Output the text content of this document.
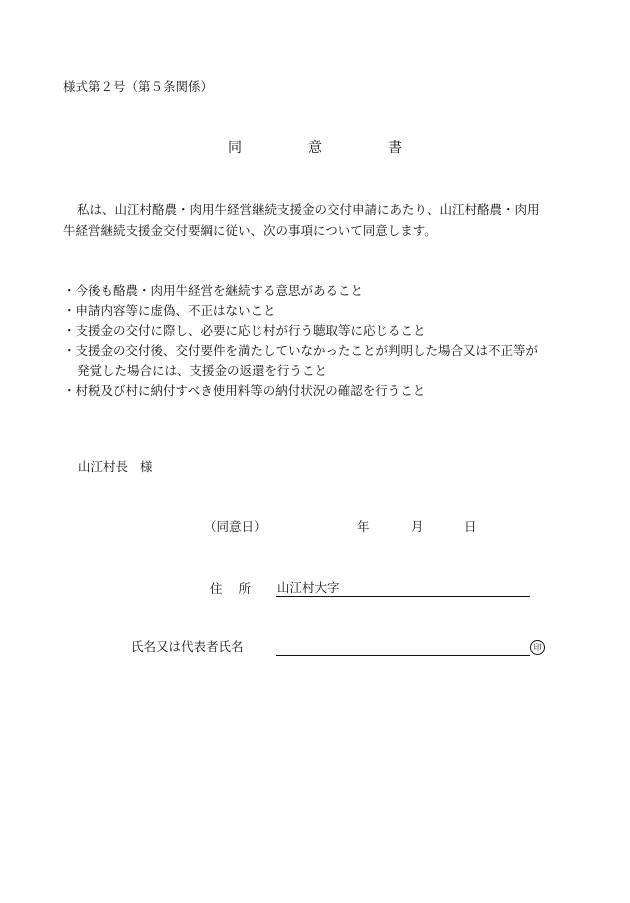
様式第２号（第５条関係）
同　意　書
私は、山江村酪農・肉用牛経営継続支援金の交付申請にあたり、山江村酪農・肉用
牛経営継続支援金交付要綱に従い、次の事項について同意します。
・今後も酪農・肉用牛経営を継続する意思があること
・申請内容等に虚偽、不正はないこと
・支援金の交付に際し、必要に応じ村が行う聴取等に応じること
・支援金の交付後、交付要件を満たしていなかったことが判明した場合又は不正等が
発覚した場合には、支援金の返還を行うこと
・村税及び村に納付すべき使用料等の納付状況の確認を行うこと
山江村長 様
（同意日）	年	月	日
住 所 山江村大字
氏名又は代表者氏名	印
